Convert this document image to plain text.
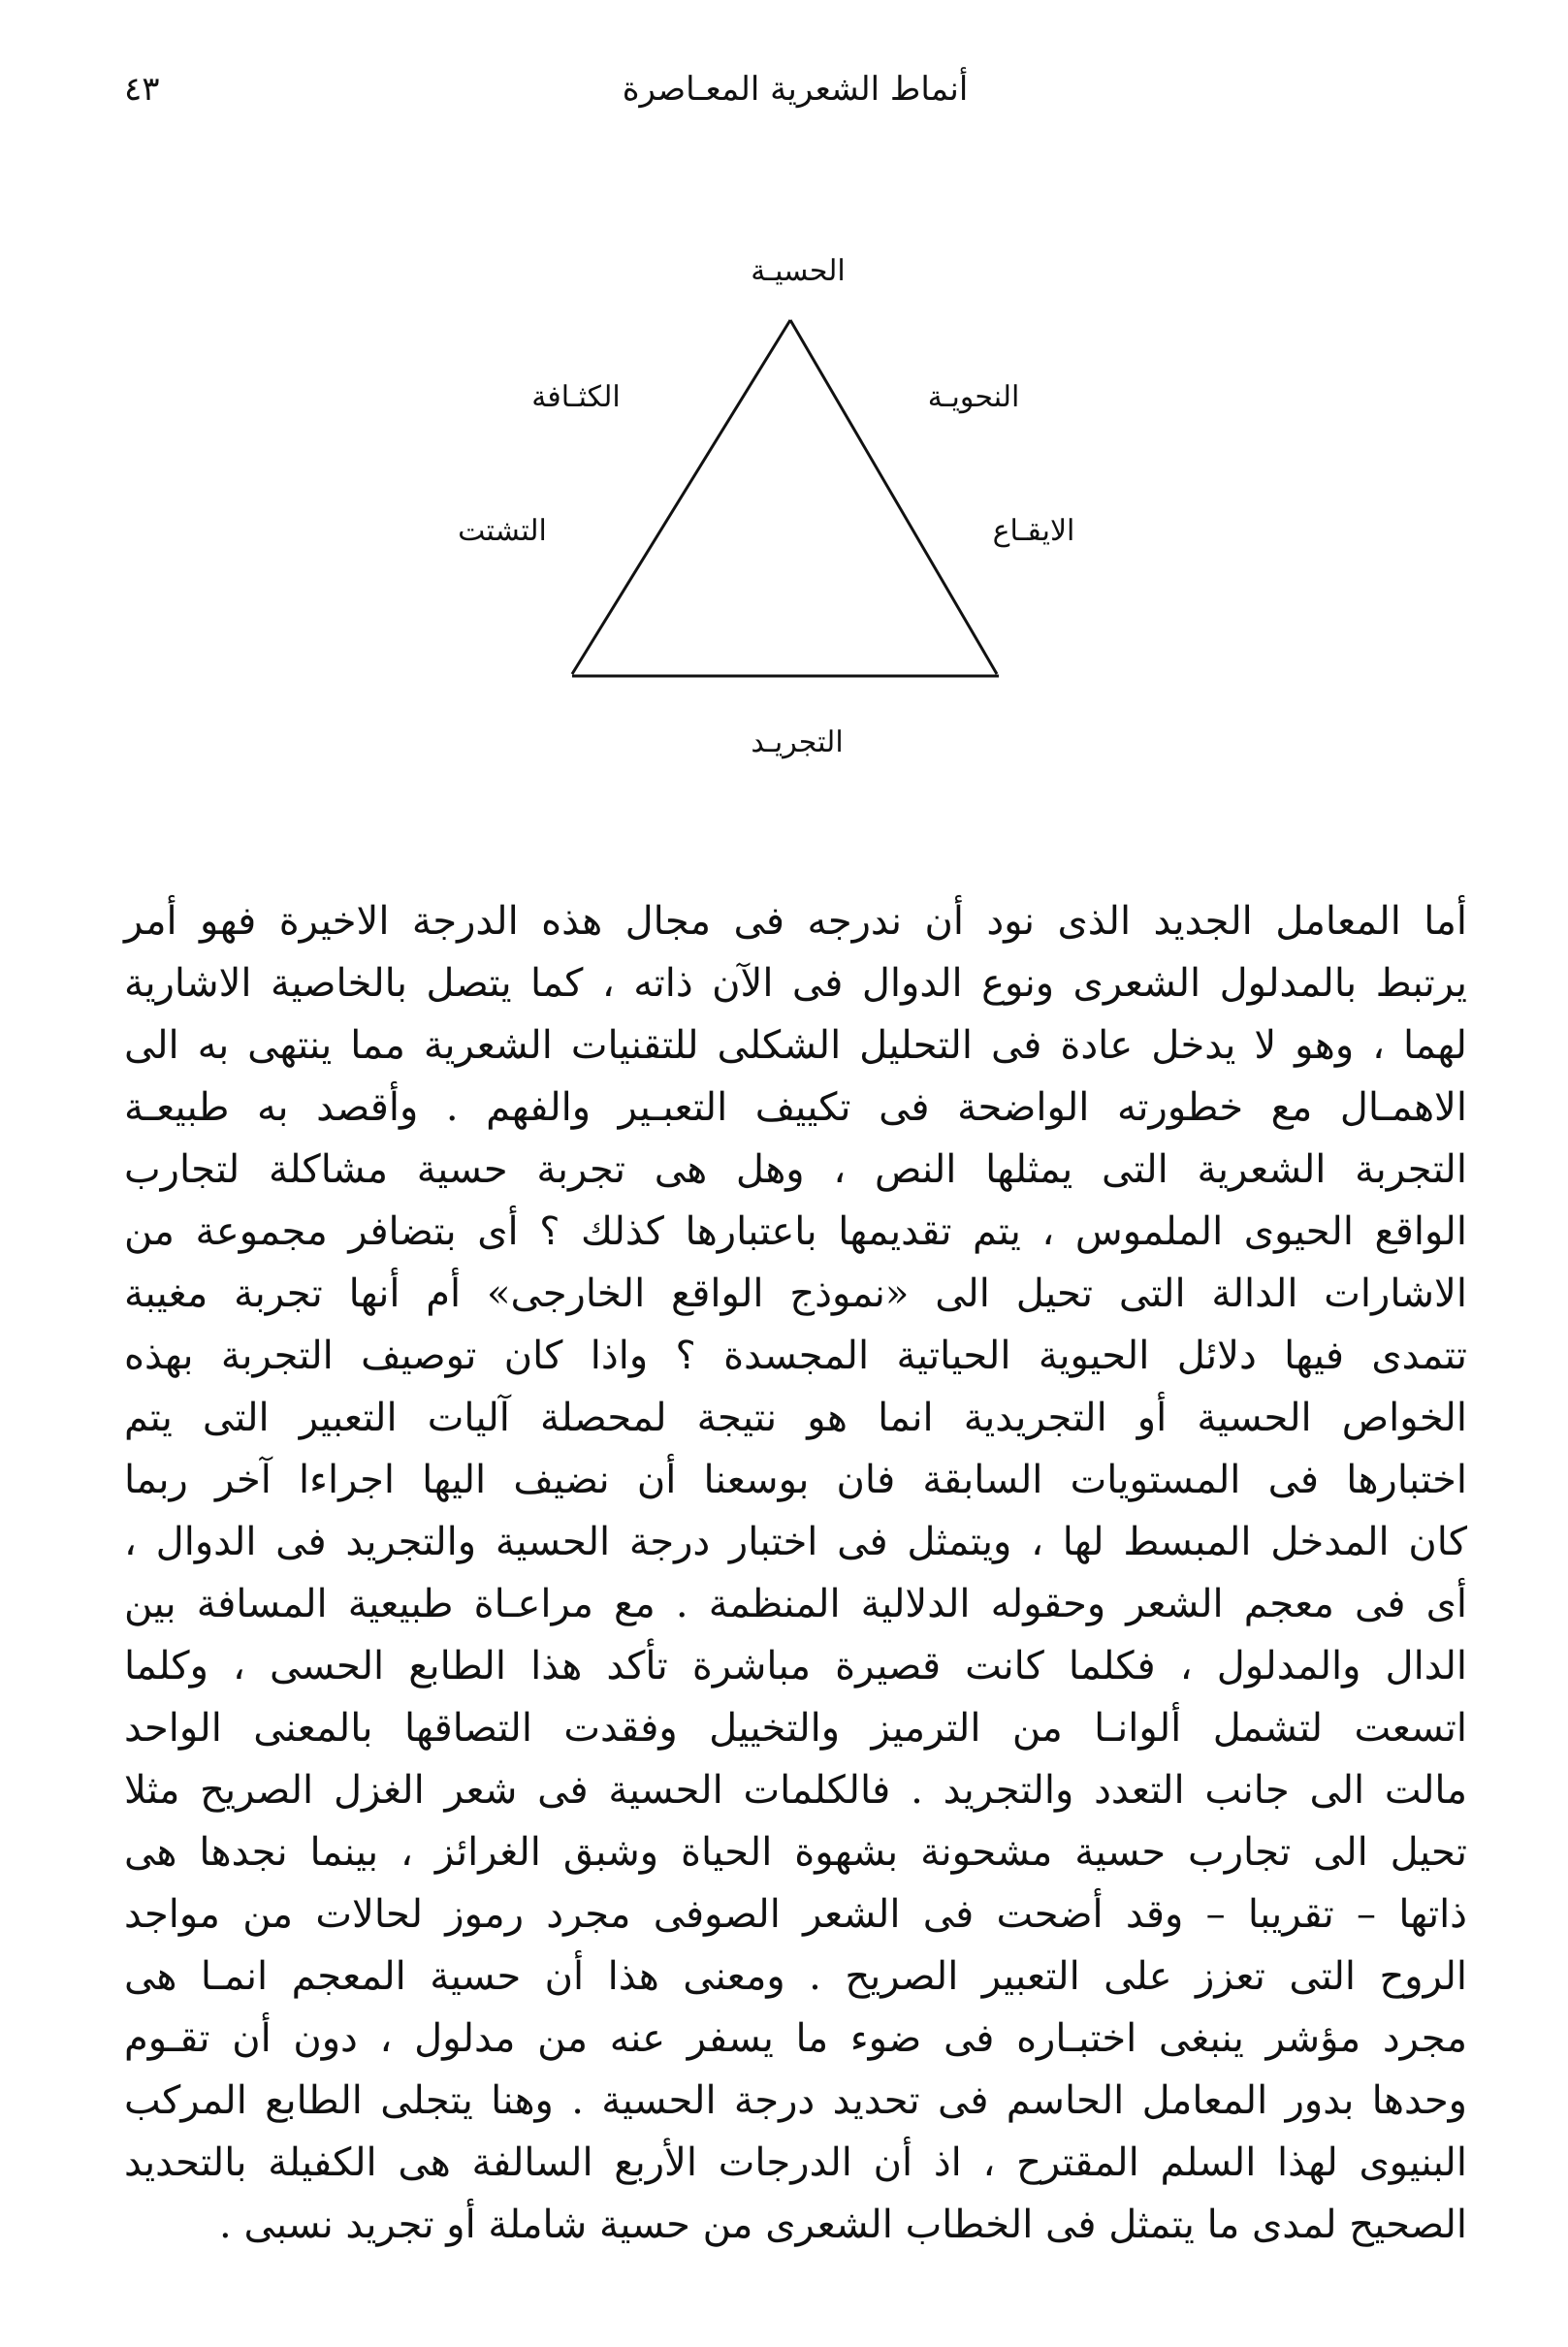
أنماط الشعرية المعـاصرة
٤٣
الحسيـة
الكثـافة	النحويـة
التشتت	الايقـاع
التجريـد
أما المعامل الجديد الذى نود أن ندرجه فى مجال هذه الدرجة الاخيرة فهو أمر
يرتبط بالمدلول الشعرى ونوع الدوال فى الآن ذاته ، كما يتصل بالخاصية الاشارية
لهما ، وهو لا يدخل عادة فى التحليل الشكلى للتقنيات الشعرية مما ينتهى به الى
الاهمـال مع خطورته الواضحة فى تكييف التعبـير والفهم . وأقصد به طبيعـة
التجربة الشعرية التى يمثلها النص ، وهل هى تجربة حسية مشاكلة لتجارب
الواقع الحيوى الملموس ، يتم تقديمها باعتبارها كذلك ؟ أى بتضافر مجموعة من
الاشارات الدالة التى تحيل الى «نموذج الواقع الخارجى» أم أنها تجربة مغيبة
تتمدى فيها دلائل الحيوية الحياتية المجسدة ؟ واذا كان توصيف التجربة بهذه
الخواص الحسية أو التجريدية انما هو نتيجة لمحصلة آليات التعبير التى يتم
اختبارها فى المستويات السابقة فان بوسعنا أن نضيف اليها اجراءا آخر ربما
كان المدخل المبسط لها ، ويتمثل فى اختبار درجة الحسية والتجريد فى الدوال ،
أى فى معجم الشعر وحقوله الدلالية المنظمة . مع مراعـاة طبيعية المسافة بين
الدال والمدلول ، فكلما كانت قصيرة مباشرة تأكد هذا الطابع الحسى ، وكلما
اتسعت لتشمل ألوانـا من الترميز والتخييل وفقدت التصاقها بالمعنى الواحد
مالت الى جانب التعدد والتجريد . فالكلمات الحسية فى شعر الغزل الصريح مثلا
تحيل الى تجارب حسية مشحونة بشهوة الحياة وشبق الغرائز ، بينما نجدها هى
ذاتها – تقريبا – وقد أضحت فى الشعر الصوفى مجرد رموز لحالات من مواجد
الروح التى تعزز على التعبير الصريح . ومعنى هذا أن حسية المعجم انمـا هى
مجرد مؤشر ينبغى اختبـاره فى ضوء ما يسفر عنه من مدلول ، دون أن تقـوم
وحدها بدور المعامل الحاسم فى تحديد درجة الحسية . وهنا يتجلى الطابع المركب
البنيوى لهذا السلم المقترح ، اذ أن الدرجات الأربع السالفة هى الكفيلة بالتحديد
الصحيح لمدى ما يتمثل فى الخطاب الشعرى من حسية شاملة أو تجريد نسبى .
